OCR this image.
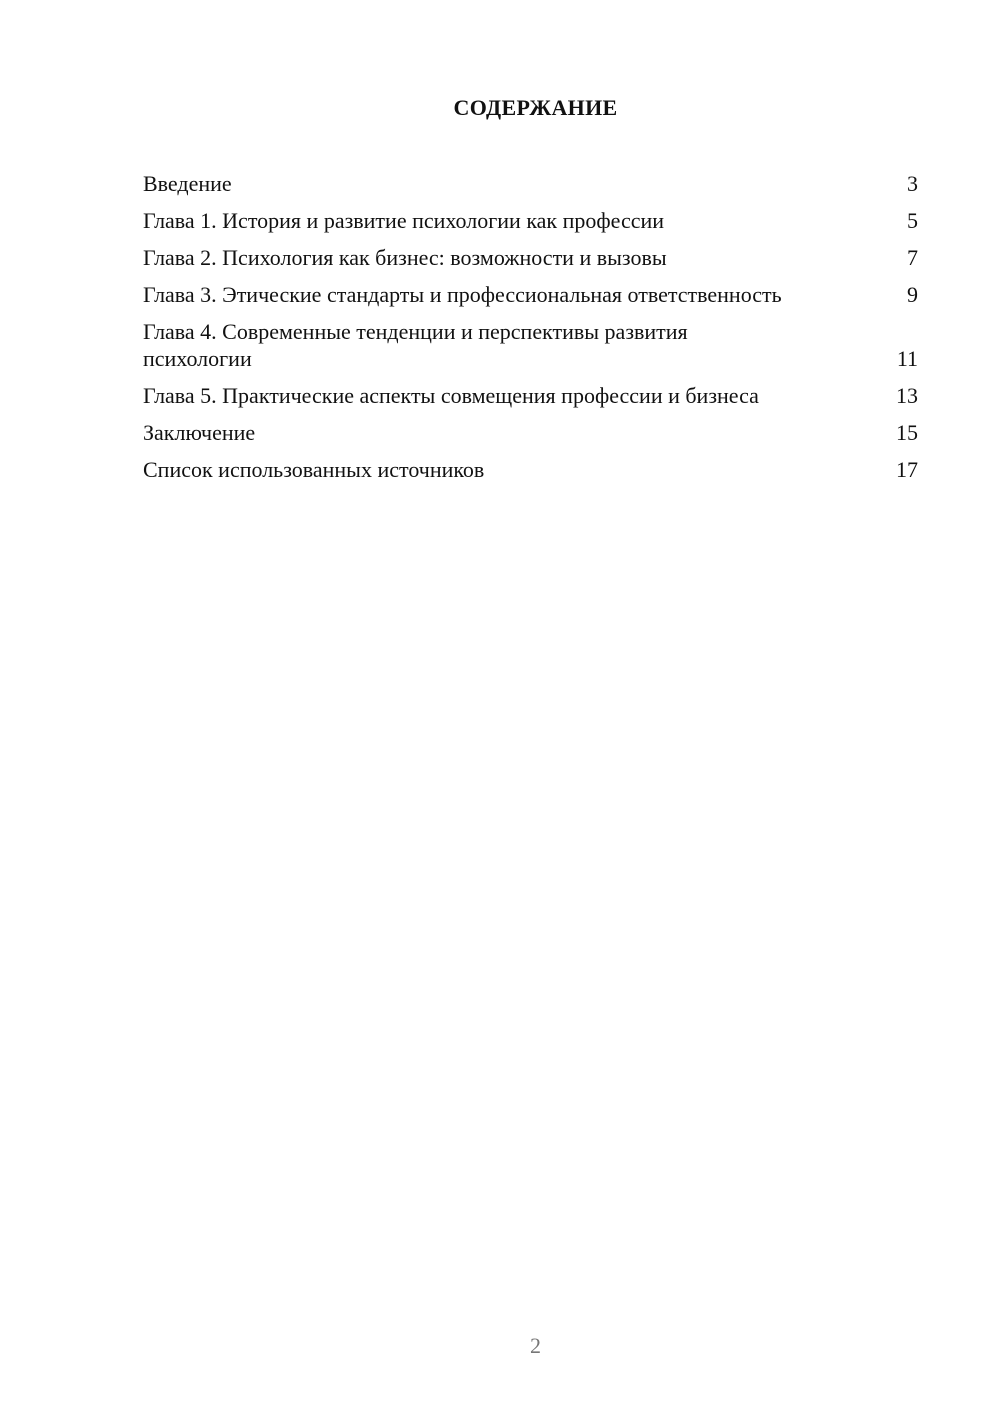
СОДЕРЖАНИЕ
Введение	3
Глава 1. История и развитие психологии как профессии	5
Глава 2. Психология как бизнес: возможности и вызовы	7
Глава 3. Этические стандарты и профессиональная ответственность	9
Глава 4. Современные тенденции и перспективы развития психологии	11
Глава 5. Практические аспекты совмещения профессии и бизнеса	13
Заключение	15
Список использованных источников	17
2
